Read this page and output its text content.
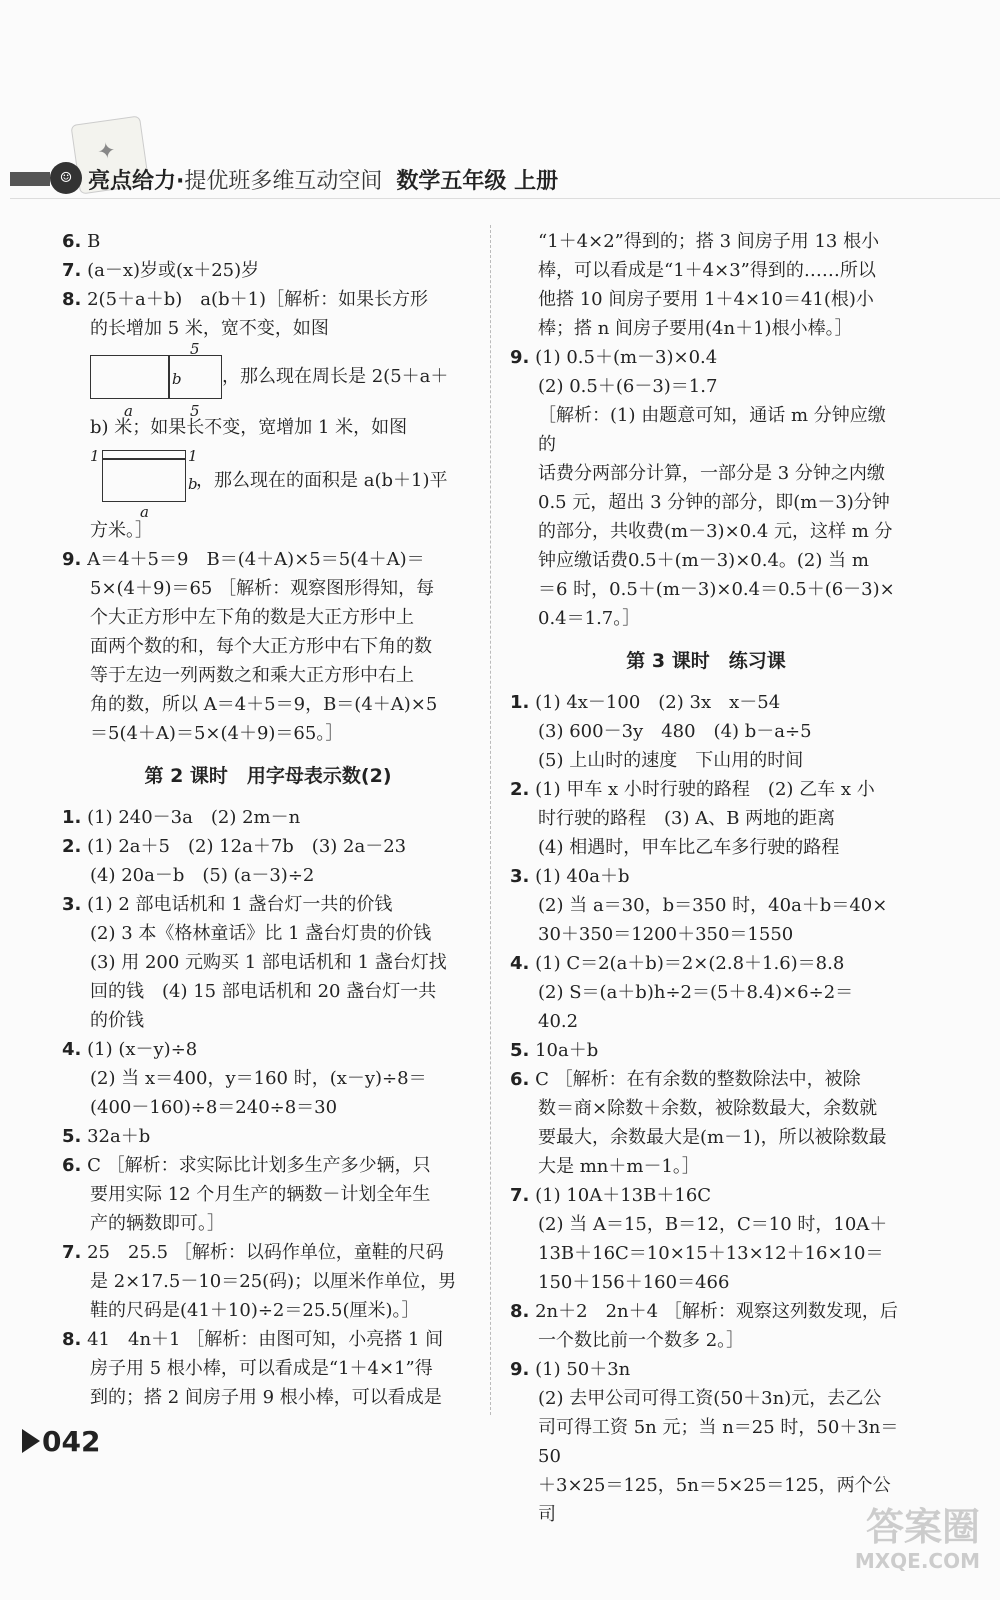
✦
☺ 亮点给力·提优班多维互动空间 数学五年级 上册

6. B

7. (a－x)岁或(x＋25)岁

8. 2(5＋a＋b)　a(b＋1)［解析：如果长方形

的长增加 5 米，宽不变，如图

5
b
a	5
，那么现在周长是 2(5＋a＋

b) 米；如果长不变，宽增加 1 米，如图

1	1
b
a
，那么现在的面积是 a(b＋1)平

方米。］

9. A＝4＋5＝9　B＝(4＋A)×5＝5(4＋A)＝

5×(4＋9)＝65 ［解析：观察图形得知，每

个大正方形中左下角的数是大正方形中上

面两个数的和，每个大正方形中右下角的数

等于左边一列两数之和乘大正方形中右上

角的数，所以 A＝4＋5＝9，B＝(4＋A)×5

＝5(4＋A)＝5×(4＋9)＝65。］

第 2 课时　用字母表示数(2)

1. (1) 240－3a　(2) 2m－n

2. (1) 2a＋5　(2) 12a＋7b　(3) 2a－23

(4) 20a－b　(5) (a－3)÷2

3. (1) 2 部电话机和 1 盏台灯一共的价钱

(2) 3 本《格林童话》比 1 盏台灯贵的价钱

(3) 用 200 元购买 1 部电话机和 1 盏台灯找

回的钱　(4) 15 部电话机和 20 盏台灯一共

的价钱

4. (1) (x－y)÷8

(2) 当 x＝400，y＝160 时，(x－y)÷8＝

(400－160)÷8＝240÷8＝30

5. 32a＋b

6. C ［解析：求实际比计划多生产多少辆，只

要用实际 12 个月生产的辆数－计划全年生

产的辆数即可。］

7. 25　25.5 ［解析：以码作单位，童鞋的尺码

是 2×17.5－10＝25(码)；以厘米作单位，男

鞋的尺码是(41＋10)÷2＝25.5(厘米)。］

8. 41　4n＋1 ［解析：由图可知，小亮搭 1 间

房子用 5 根小棒，可以看成是“1＋4×1”得

到的；搭 2 间房子用 9 根小棒，可以看成是

“1＋4×2”得到的；搭 3 间房子用 13 根小

棒，可以看成是“1＋4×3”得到的……所以

他搭 10 间房子要用 1＋4×10＝41(根)小

棒；搭 n 间房子要用(4n＋1)根小棒。］

9. (1) 0.5＋(m－3)×0.4

(2) 0.5＋(6－3)＝1.7

［解析：(1) 由题意可知，通话 m 分钟应缴的

话费分两部分计算，一部分是 3 分钟之内缴

0.5 元，超出 3 分钟的部分，即(m－3)分钟

的部分，共收费(m－3)×0.4 元，这样 m 分

钟应缴话费0.5＋(m－3)×0.4。(2) 当 m

＝6 时，0.5＋(m－3)×0.4＝0.5＋(6－3)×

0.4＝1.7。］

第 3 课时　练习课

1. (1) 4x－100　(2) 3x　x－54

(3) 600－3y　480　(4) b－a÷5

(5) 上山时的速度　下山用的时间

2. (1) 甲车 x 小时行驶的路程　(2) 乙车 x 小

时行驶的路程　(3) A、B 两地的距离

(4) 相遇时，甲车比乙车多行驶的路程

3. (1) 40a＋b

(2) 当 a＝30，b＝350 时，40a＋b＝40×

30＋350＝1200＋350＝1550

4. (1) C＝2(a＋b)＝2×(2.8＋1.6)＝8.8

(2) S＝(a＋b)h÷2＝(5＋8.4)×6÷2＝

40.2

5. 10a＋b

6. C ［解析：在有余数的整数除法中，被除

数＝商×除数＋余数，被除数最大，余数就

要最大，余数最大是(m－1)，所以被除数最

大是 mn＋m－1。］

7. (1) 10A＋13B＋16C

(2) 当 A＝15，B＝12，C＝10 时，10A＋

13B＋16C＝10×15＋13×12＋16×10＝

150＋156＋160＝466

8. 2n＋2　2n＋4 ［解析：观察这列数发现，后

一个数比前一个数多 2。］

9. (1) 50＋3n

(2) 去甲公司可得工资(50＋3n)元，去乙公

司可得工资 5n 元；当 n＝25 时，50＋3n＝50

＋3×25＝125，5n＝5×25＝125，两个公司

042
答案圈
MXQE.COM
